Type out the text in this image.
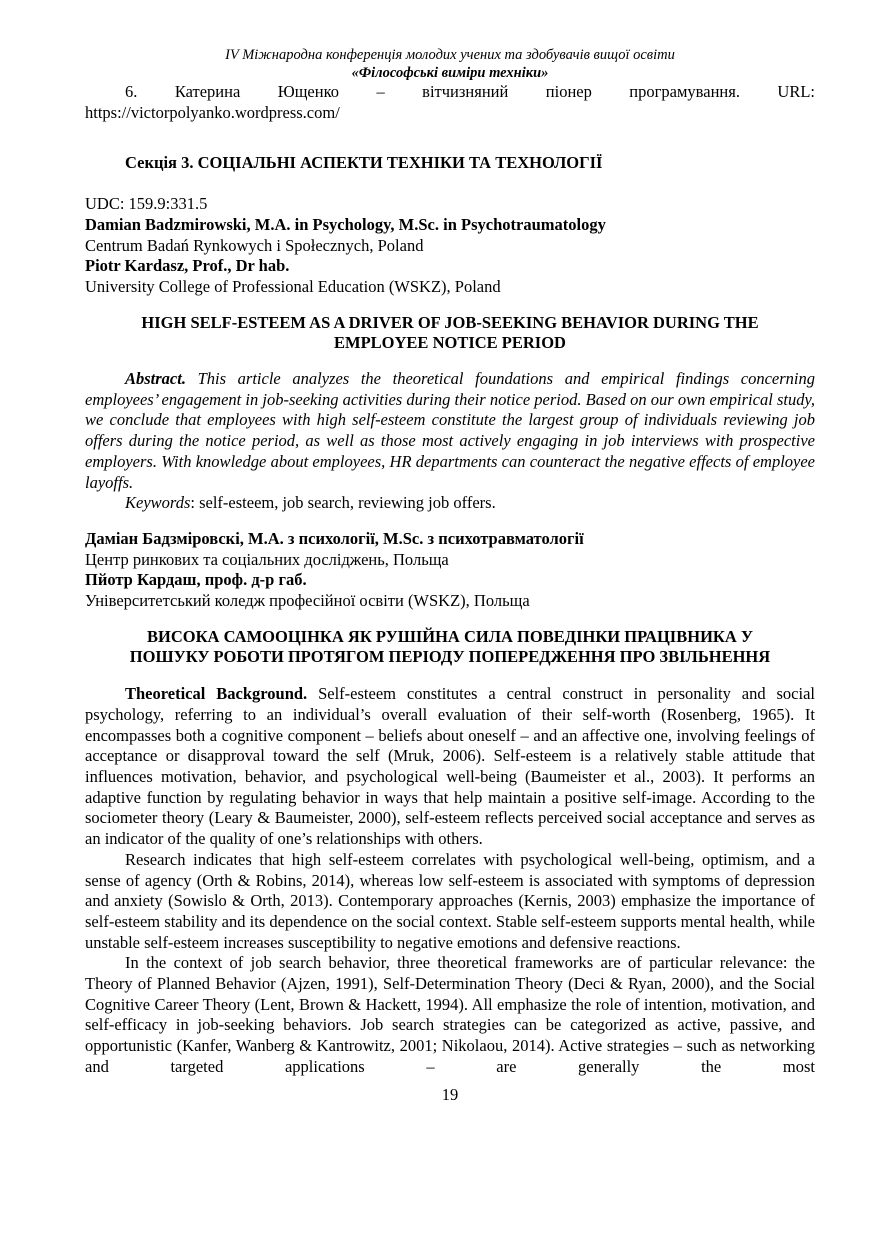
IV Міжнародна конференція молодих учених та здобувачів вищої освіти
«Філософські виміри техніки»

6. Катерина Ющенко – вітчизняний піонер програмування. URL: https://victorpolyanko.wordpress.com/

Секція 3. СОЦІАЛЬНІ АСПЕКТИ ТЕХНІКИ ТА ТЕХНОЛОГІЇ

UDC: 159.9:331.5

Damian Badzmirowski, M.A. in Psychology, M.Sc. in Psychotraumatology

Centrum Badań Rynkowych i Społecznych, Poland

Piotr Kardasz, Prof., Dr hab.

University College of Professional Education (WSKZ), Poland

HIGH SELF-ESTEEM AS A DRIVER OF JOB-SEEKING BEHAVIOR DURING THE
EMPLOYEE NOTICE PERIOD

Abstract. This article analyzes the theoretical foundations and empirical findings concerning employees’ engagement in job-seeking activities during their notice period. Based on our own empirical study, we conclude that employees with high self-esteem constitute the largest group of individuals reviewing job offers during the notice period, as well as those most actively engaging in job interviews with prospective employers. With knowledge about employees, HR departments can counteract the negative effects of employee layoffs.

Keywords: self-esteem, job search, reviewing job offers.

Даміан Бадзміровскі, М.А. з психології, M.Sc. з психотравматології

Центр ринкових та соціальних досліджень, Польща

Пйотр Кардаш, проф. д-р габ.

Університетський коледж професійної освіти (WSKZ), Польща

ВИСОКА САМООЦІНКА ЯК РУШІЙНА СИЛА ПОВЕДІНКИ ПРАЦІВНИКА У
ПОШУКУ РОБОТИ ПРОТЯГОМ ПЕРІОДУ ПОПЕРЕДЖЕННЯ ПРО ЗВІЛЬНЕННЯ

Theoretical Background. Self-esteem constitutes a central construct in personality and social psychology, referring to an individual’s overall evaluation of their self-worth (Rosenberg, 1965). It encompasses both a cognitive component – beliefs about oneself – and an affective one, involving feelings of acceptance or disapproval toward the self (Mruk, 2006). Self-esteem is a relatively stable attitude that influences motivation, behavior, and psychological well-being (Baumeister et al., 2003). It performs an adaptive function by regulating behavior in ways that help maintain a positive self-image. According to the sociometer theory (Leary & Baumeister, 2000), self-esteem reflects perceived social acceptance and serves as an indicator of the quality of one’s relationships with others.

Research indicates that high self-esteem correlates with psychological well-being, optimism, and a sense of agency (Orth & Robins, 2014), whereas low self-esteem is associated with symptoms of depression and anxiety (Sowislo & Orth, 2013). Contemporary approaches (Kernis, 2003) emphasize the importance of self-esteem stability and its dependence on the social context. Stable self-esteem supports mental health, while unstable self-esteem increases susceptibility to negative emotions and defensive reactions.

In the context of job search behavior, three theoretical frameworks are of particular relevance: the Theory of Planned Behavior (Ajzen, 1991), Self-Determination Theory (Deci & Ryan, 2000), and the Social Cognitive Career Theory (Lent, Brown & Hackett, 1994). All emphasize the role of intention, motivation, and self-efficacy in job-seeking behaviors. Job search strategies can be categorized as active, passive, and opportunistic (Kanfer, Wanberg & Kantrowitz, 2001; Nikolaou, 2014). Active strategies – such as networking and targeted applications – are generally the most

19
